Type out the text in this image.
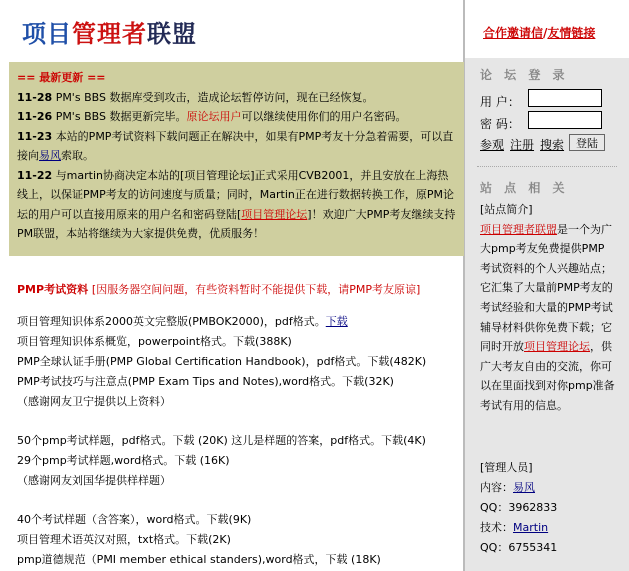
项目管理者联盟	合作邀请信/友情链接
== 最新更新 ==
11-28 PM's BBS 数据库受到攻击，造成论坛暂停访问，现在已经恢复。
11-26 PM's BBS 数据更新完毕。原论坛用户可以继续使用你们的用户名密码。
11-23 本站的PMP考试资料下载问题正在解决中，如果有PMP考友十分急着需要，可以直接向易风索取。
11-22 与martin协商决定本站的[项目管理论坛]正式采用CVB2001，并且安放在上海热线上，以保证PMP考友的访问速度与质量；同时，Martin正在进行数据转换工作，原PM论坛的用户可以直接用原来的用户名和密码登陆[项目管理论坛]！欢迎广大PMP考友继续支持PM联盟，本站将继续为大家提供免费，优质服务！
PMP考试资料 [因服务器空间问题，有些资料暂时不能提供下载，请PMP考友原谅]
项目管理知识体系2000英文完整版(PMBOK2000)，pdf格式。下载
项目管理知识体系概览，powerpoint格式。下载(388K)
PMP全球认证手册(PMP Global Certification Handbook)，pdf格式。下载(482K)
PMP考试技巧与注意点(PMP Exam Tips and Notes),word格式。下载(32K)
（感谢网友卫宁提供以上资料）
50个pmp考试样题，pdf格式。下载 (20K) 这儿是样题的答案，pdf格式。下载(4K)
29个pmp考试样题,word格式。下载 (16K)
（感谢网友刘国华提供样样题）
40个考试样题（含答案），word格式。下载(9K)
项目管理术语英汉对照，txt格式。下载(2K)
pmp道德规范（PMI member ethical standers),word格式，下载 (18K)
论 坛 登 录
用 户：
密 码：
参观 注册 搜索	登陆
站 点 相 关
[站点简介]
项目管理者联盟是一个为广大pmp考友免费提供PMP考试资料的个人兴趣站点；它汇集了大量前PMP考友的考试经验和大量的PMP考试辅导材料供你免费下载；它同时开放项目管理论坛，供广大考友自由的交流，你可以在里面找到对你pmp准备考试有用的信息。
[管理人员]
内容：易风
QQ：3962833
技术：Martin
QQ：6755341
